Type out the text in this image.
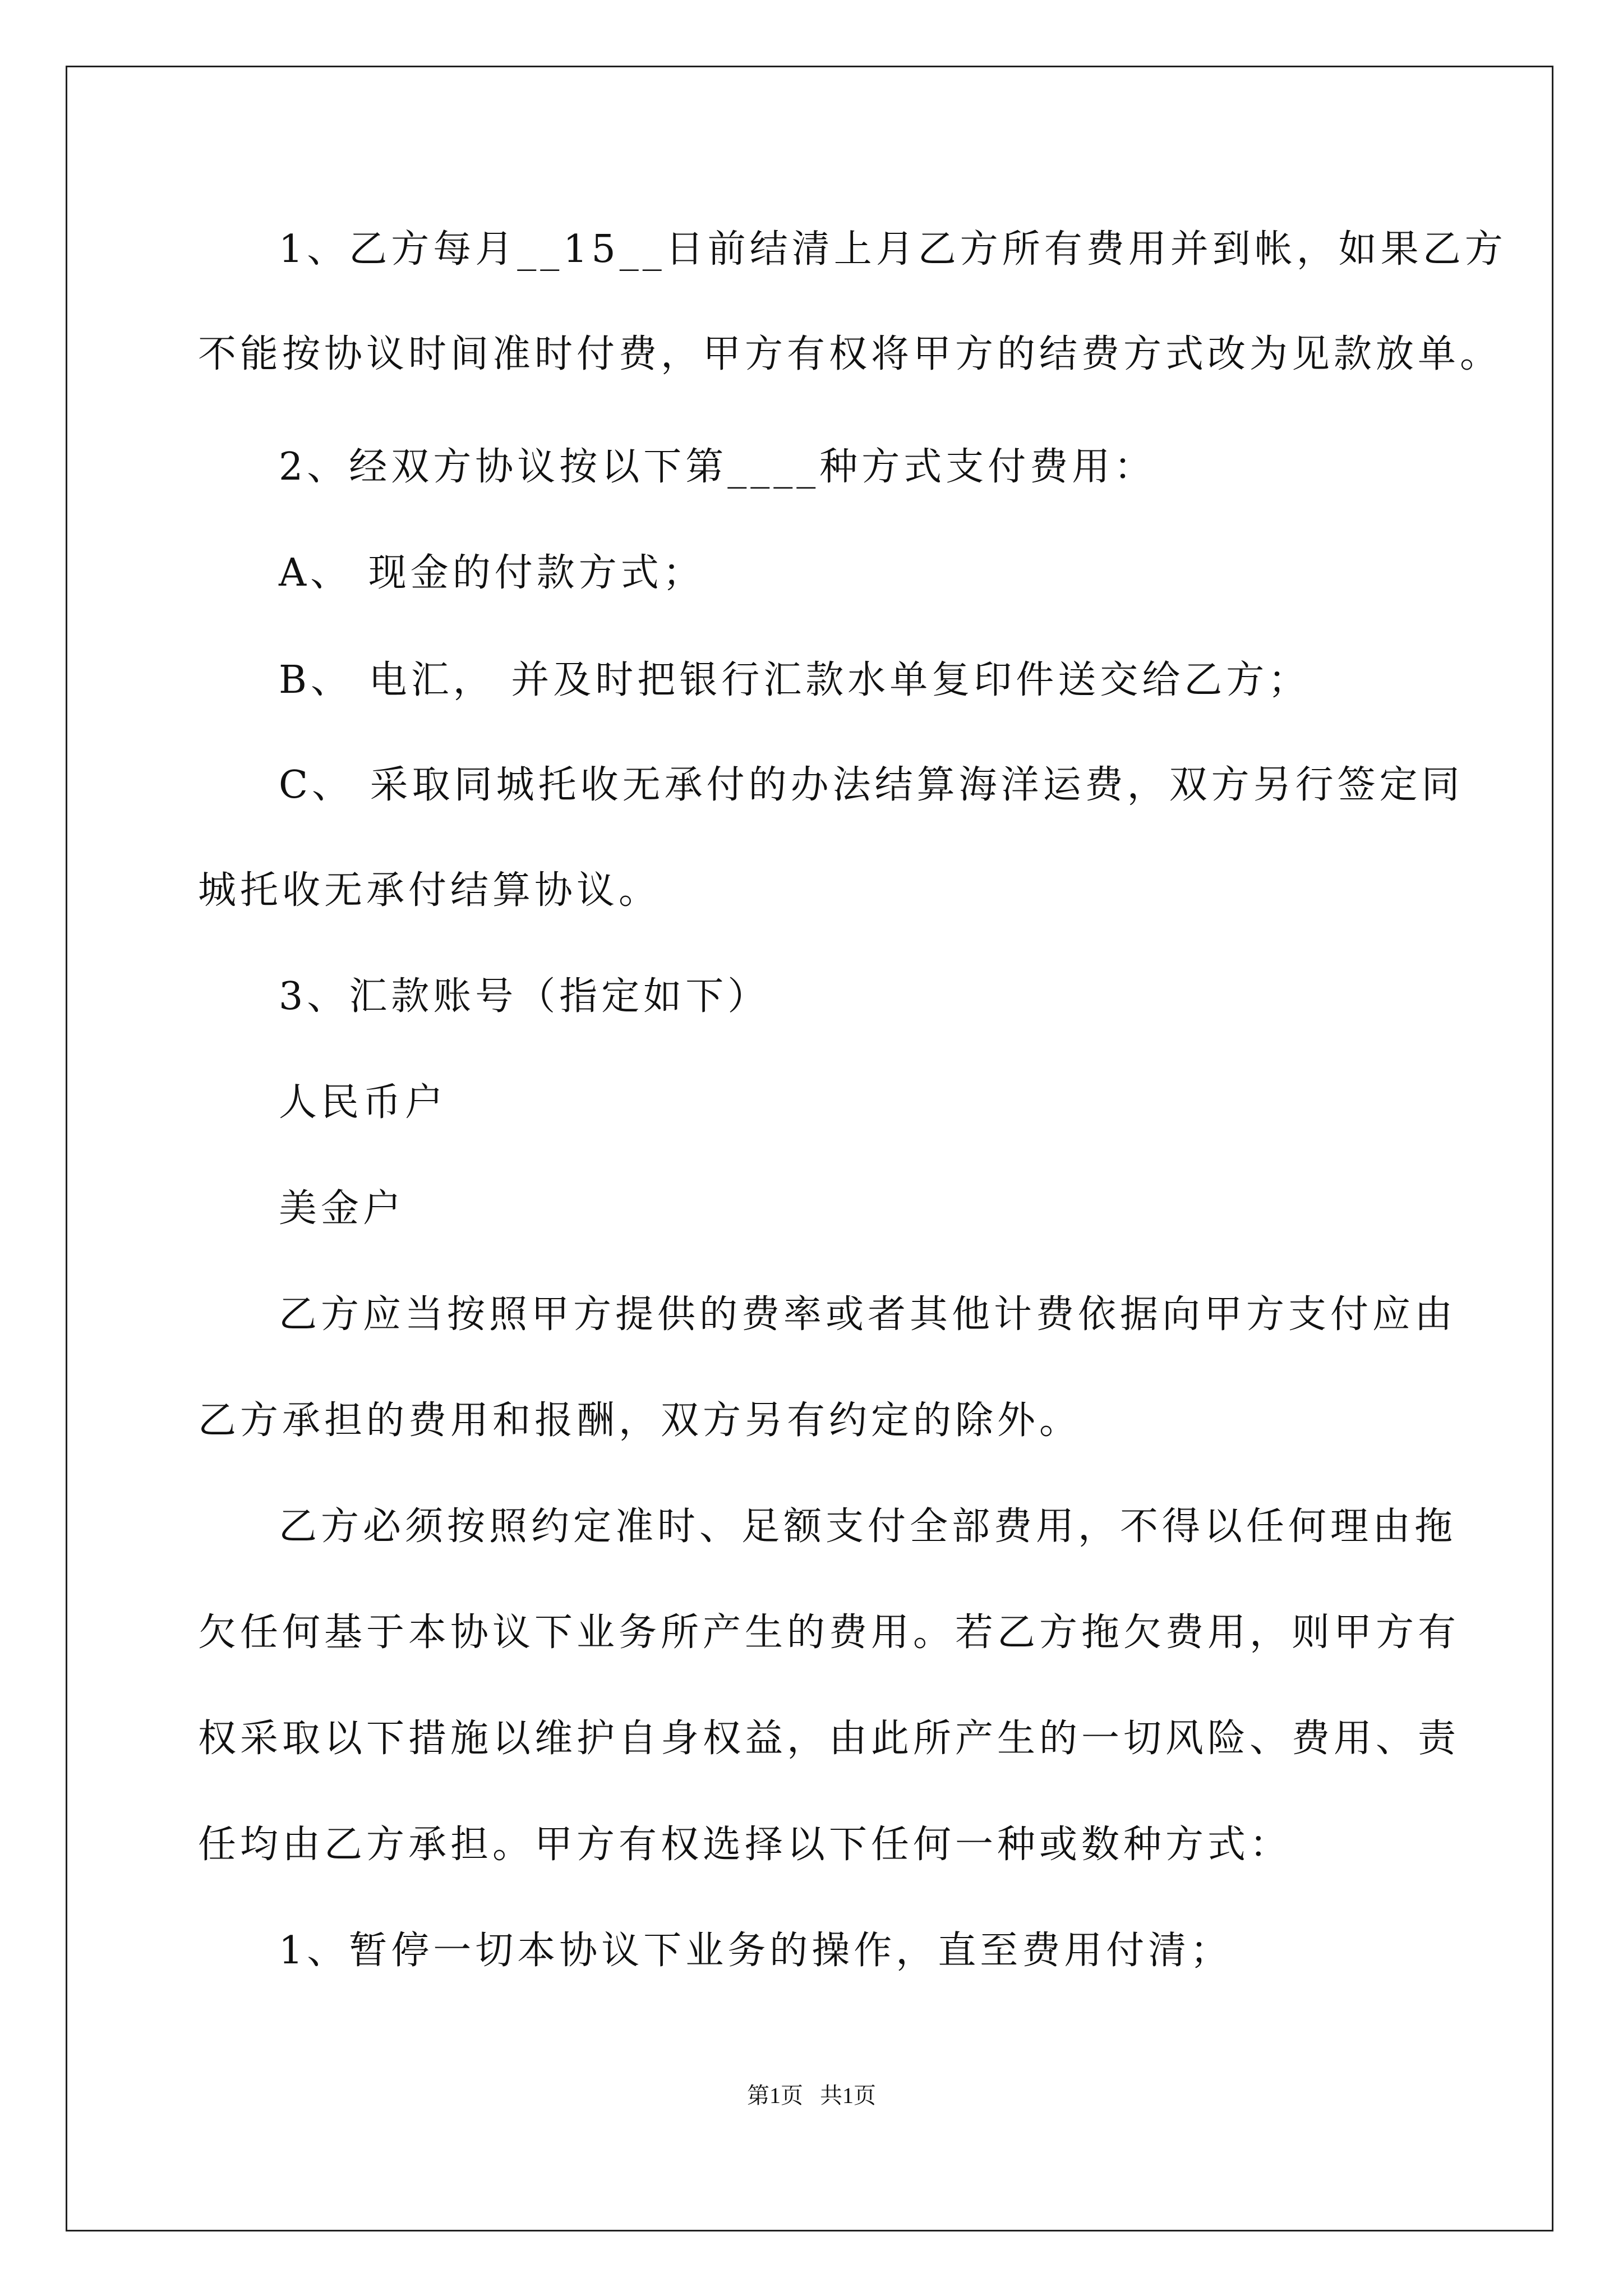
1、乙方每月__15__日前结清上月乙方所有费用并到帐，如果乙方
不能按协议时间准时付费，甲方有权将甲方的结费方式改为见款放单。
2、经双方协议按以下第____种方式支付费用：
A、 现金的付款方式；
B、 电汇， 并及时把银行汇款水单复印件送交给乙方；
C、 采取同城托收无承付的办法结算海洋运费，双方另行签定同
城托收无承付结算协议。
3、汇款账号（指定如下）
人民币户
美金户
乙方应当按照甲方提供的费率或者其他计费依据向甲方支付应由
乙方承担的费用和报酬，双方另有约定的除外。
乙方必须按照约定准时、足额支付全部费用，不得以任何理由拖
欠任何基于本协议下业务所产生的费用。若乙方拖欠费用，则甲方有
权采取以下措施以维护自身权益，由此所产生的一切风险、费用、责
任均由乙方承担。甲方有权选择以下任何一种或数种方式：
1、暂停一切本协议下业务的操作，直至费用付清；
第1页   共1页
